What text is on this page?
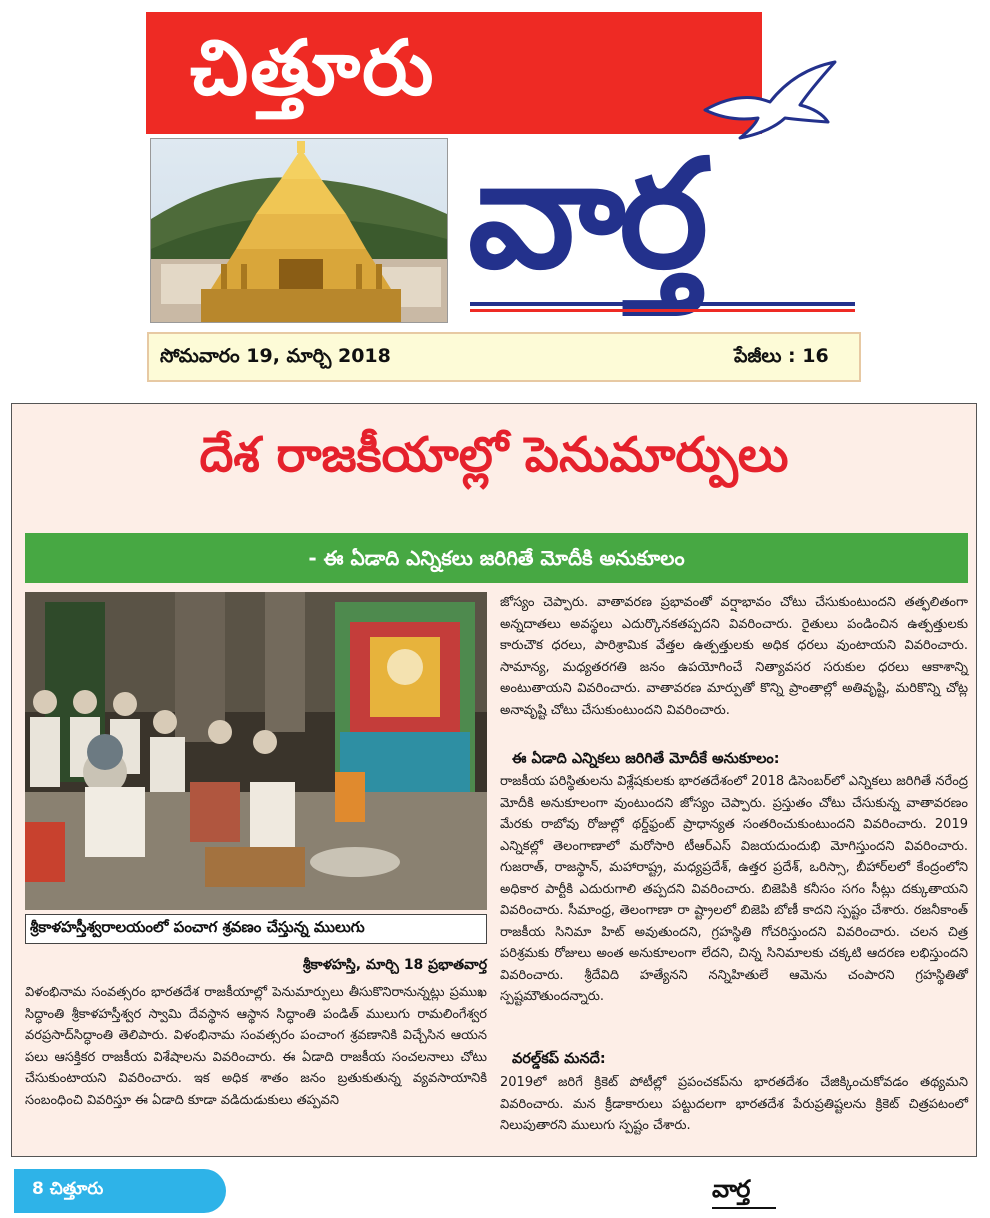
చిత్తూరు
వార్త
సోమవారం 19, మార్చి 2018	పేజీలు : 16
దేశ రాజకీయాల్లో పెనుమార్పులు
- ఈ ఏడాది ఎన్నికలు జరిగితే మోదీకి అనుకూలం
శ్రీకాళహస్తీశ్వరాలయంలో పంచాగ శ్రవణం చేస్తున్న ములుగు
శ్రీకాళహస్తి, మార్చి 18 ప్రభాతవార్త

విళంభినామ సంవత్సరం భారతదేశ రాజకీయాల్లో పెనుమార్పులు తీసుకొనిరానున్నట్లు ప్రముఖ సిద్ధాంతి శ్రీకాళహస్తీశ్వర స్వామి దేవస్థాన ఆస్థాన సిద్ధాంతి పండిత్ ములుగు రామలింగేశ్వర వరప్రసాద్‌సిద్ధాంతి తెలిపారు. విళంభినామ సంవత్సరం పంచాంగ శ్రవణానికి విచ్చేసిన ఆయన పలు ఆసక్తికర రాజకీయ విశేషాలను వివరించారు. ఈ ఏడాది రాజకీయ సంచలనాలు చోటు చేసుకుంటాయని వివరించారు. ఇక అధిక శాతం జనం బ్రతుకుతున్న వ్యవసాయానికి సంబంధించి వివరిస్తూ ఈ ఏడాది కూడా వడిదుడుకులు తప్పవని

జోస్యం చెప్పారు. వాతావరణ ప్రభావంతో వర్షాభావం చోటు చేసుకుంటుందని తత్ఫలితంగా అన్నదాతలు అవస్థలు ఎదుర్కొనకతప్పదని వివరించారు. రైతులు పండించిన ఉత్పత్తులకు కారుచౌక ధరలు, పారిశ్రామిక వేత్తల ఉత్పత్తులకు అధిక ధరలు వుంటాయని వివరించారు. సామాన్య, మధ్యతరగతి జనం ఉపయోగించే నిత్యావసర సరుకుల ధరలు ఆకాశాన్ని అంటుతాయని వివరించారు. వాతావరణ మార్పుతో కొన్ని ప్రాంతాల్లో అతివృష్టి, మరికొన్ని చోట్ల అనావృష్టి చోటు చేసుకుంటుందని వివరించారు.

ఈ ఏడాది ఎన్నికలు జరిగితే మోదీకే అనుకూలం:

రాజకీయ పరిస్థితులను విశ్లేషకులకు భారతదేశంలో 2018 డిసెంబర్‌లో ఎన్నికలు జరిగితే నరేంద్ర మోదీకి అనుకూలంగా వుంటుందని జోస్యం చెప్పారు. ప్రస్తుతం చోటు చేసుకున్న వాతావరణం మేరకు రాబోవు రోజుల్లో థర్డ్‌ఫ్రంట్ ప్రాధాన్యత సంతరించుకుంటుందని వివరించారు. 2019 ఎన్నికల్లో తెలంగాణాలో మరోసారి టీఆర్ఎస్ విజయదుందుభి మోగిస్తుందని వివరించారు. గుజరాత్, రాజస్థాన్, మహారాష్ట్ర, మధ్యప్రదేశ్, ఉత్తర ప్రదేశ్, ఒరిస్సా, బీహార్‌లలో కేంద్రంలోని అధికార పార్టీకి ఎదురుగాలి తప్పదని వివరించారు. బిజెపికి కనీసం సగం సీట్లు దక్కుతాయని వివరించారు. సీమాంధ్ర, తెలంగాణా రా ష్ట్రాలలో బిజెపి బోణీ కాదని స్పష్టం చేశారు. రజనీకాంత్ రాజకీయ సినిమా హిట్ అవుతుందని, గ్రహస్థితి గోచరిస్తుందని వివరించారు. చలన చిత్ర పరిశ్రమకు రోజులు అంత అనుకూలంగా లేదని, చిన్న సినిమాలకు చక్కటి ఆదరణ లభిస్తుందని వివరించారు. శ్రీదేవిది హత్యేనని నన్నిహితులే ఆమెను చంపారని గ్రహస్థితితో స్పష్టమౌతుందన్నారు.

వరల్డ్‌కప్ మనదే:

2019లో జరిగే క్రికెట్ పోటీల్లో ప్రపంచకప్‌ను భారతదేశం చేజిక్కించుకోవడం తథ్యమని వివరించారు. మన క్రీడాకారులు పట్టుదలగా భారతదేశ పేరుప్రతిష్టలను క్రికెట్ చిత్రపటంలో నిలుపుతారని ములుగు స్పష్టం చేశారు.

8 చిత్తూరు	వార్త
